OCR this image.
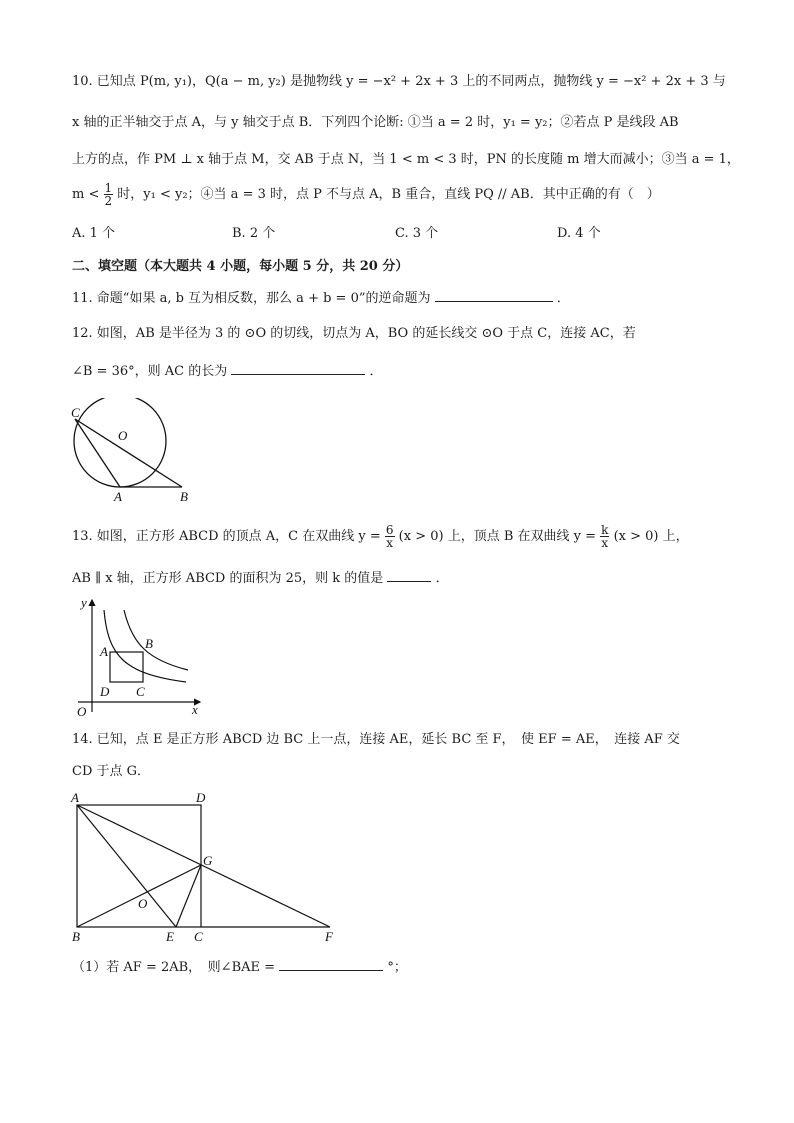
10. 已知点 P(m, y₁)，Q(a − m, y₂) 是抛物线 y = −x² + 2x + 3 上的不同两点，抛物线 y = −x² + 2x + 3 与
x 轴的正半轴交于点 A，与 y 轴交于点 B．下列四个论断: ①当 a = 2 时，y₁ = y₂；②若点 P 是线段 AB
上方的点，作 PM ⊥ x 轴于点 M，交 AB 于点 N，当 1 < m < 3 时，PN 的长度随 m 增大而减小；③当 a = 1，
$m < \frac{1}{2}$ 时，y₁ < y₂；④当 a = 3 时，点 P 不与点 A，B 重合，直线 PQ // AB．其中正确的有（　）
A. 1 个	B. 2 个	C. 3 个	D. 4 个
二、填空题（本大题共 4 小题，每小题 5 分，共 20 分）
11. 命题“如果 a, b 互为相反数，那么 a + b = 0”的逆命题为	．
12. 如图，AB 是半径为 3 的 ⊙O 的切线，切点为 A，BO 的延长线交 ⊙O 于点 C，连接 AC，若
∠B = 36°，则 AC 的长为	．
C
O
A	B
13. 如图，正方形 ABCD 的顶点 A，C 在双曲线 $y = \frac{6}{x} (x > 0)$ 上，顶点 B 在双曲线 $y = \frac{k}{x} (x > 0)$ 上，
AB ∥ x 轴，正方形 ABCD 的面积为 25，则 k 的值是	．
y
x
O
A
B
C
D
14. 已知，点 E 是正方形 ABCD 边 BC 上一点，连接 AE，延长 BC 至 F，　使 EF = AE，　连接 AF 交
CD 于点 G．
A	D
G
O
B	E C	F
（1）若 AF = 2AB，　则∠BAE =	°；
